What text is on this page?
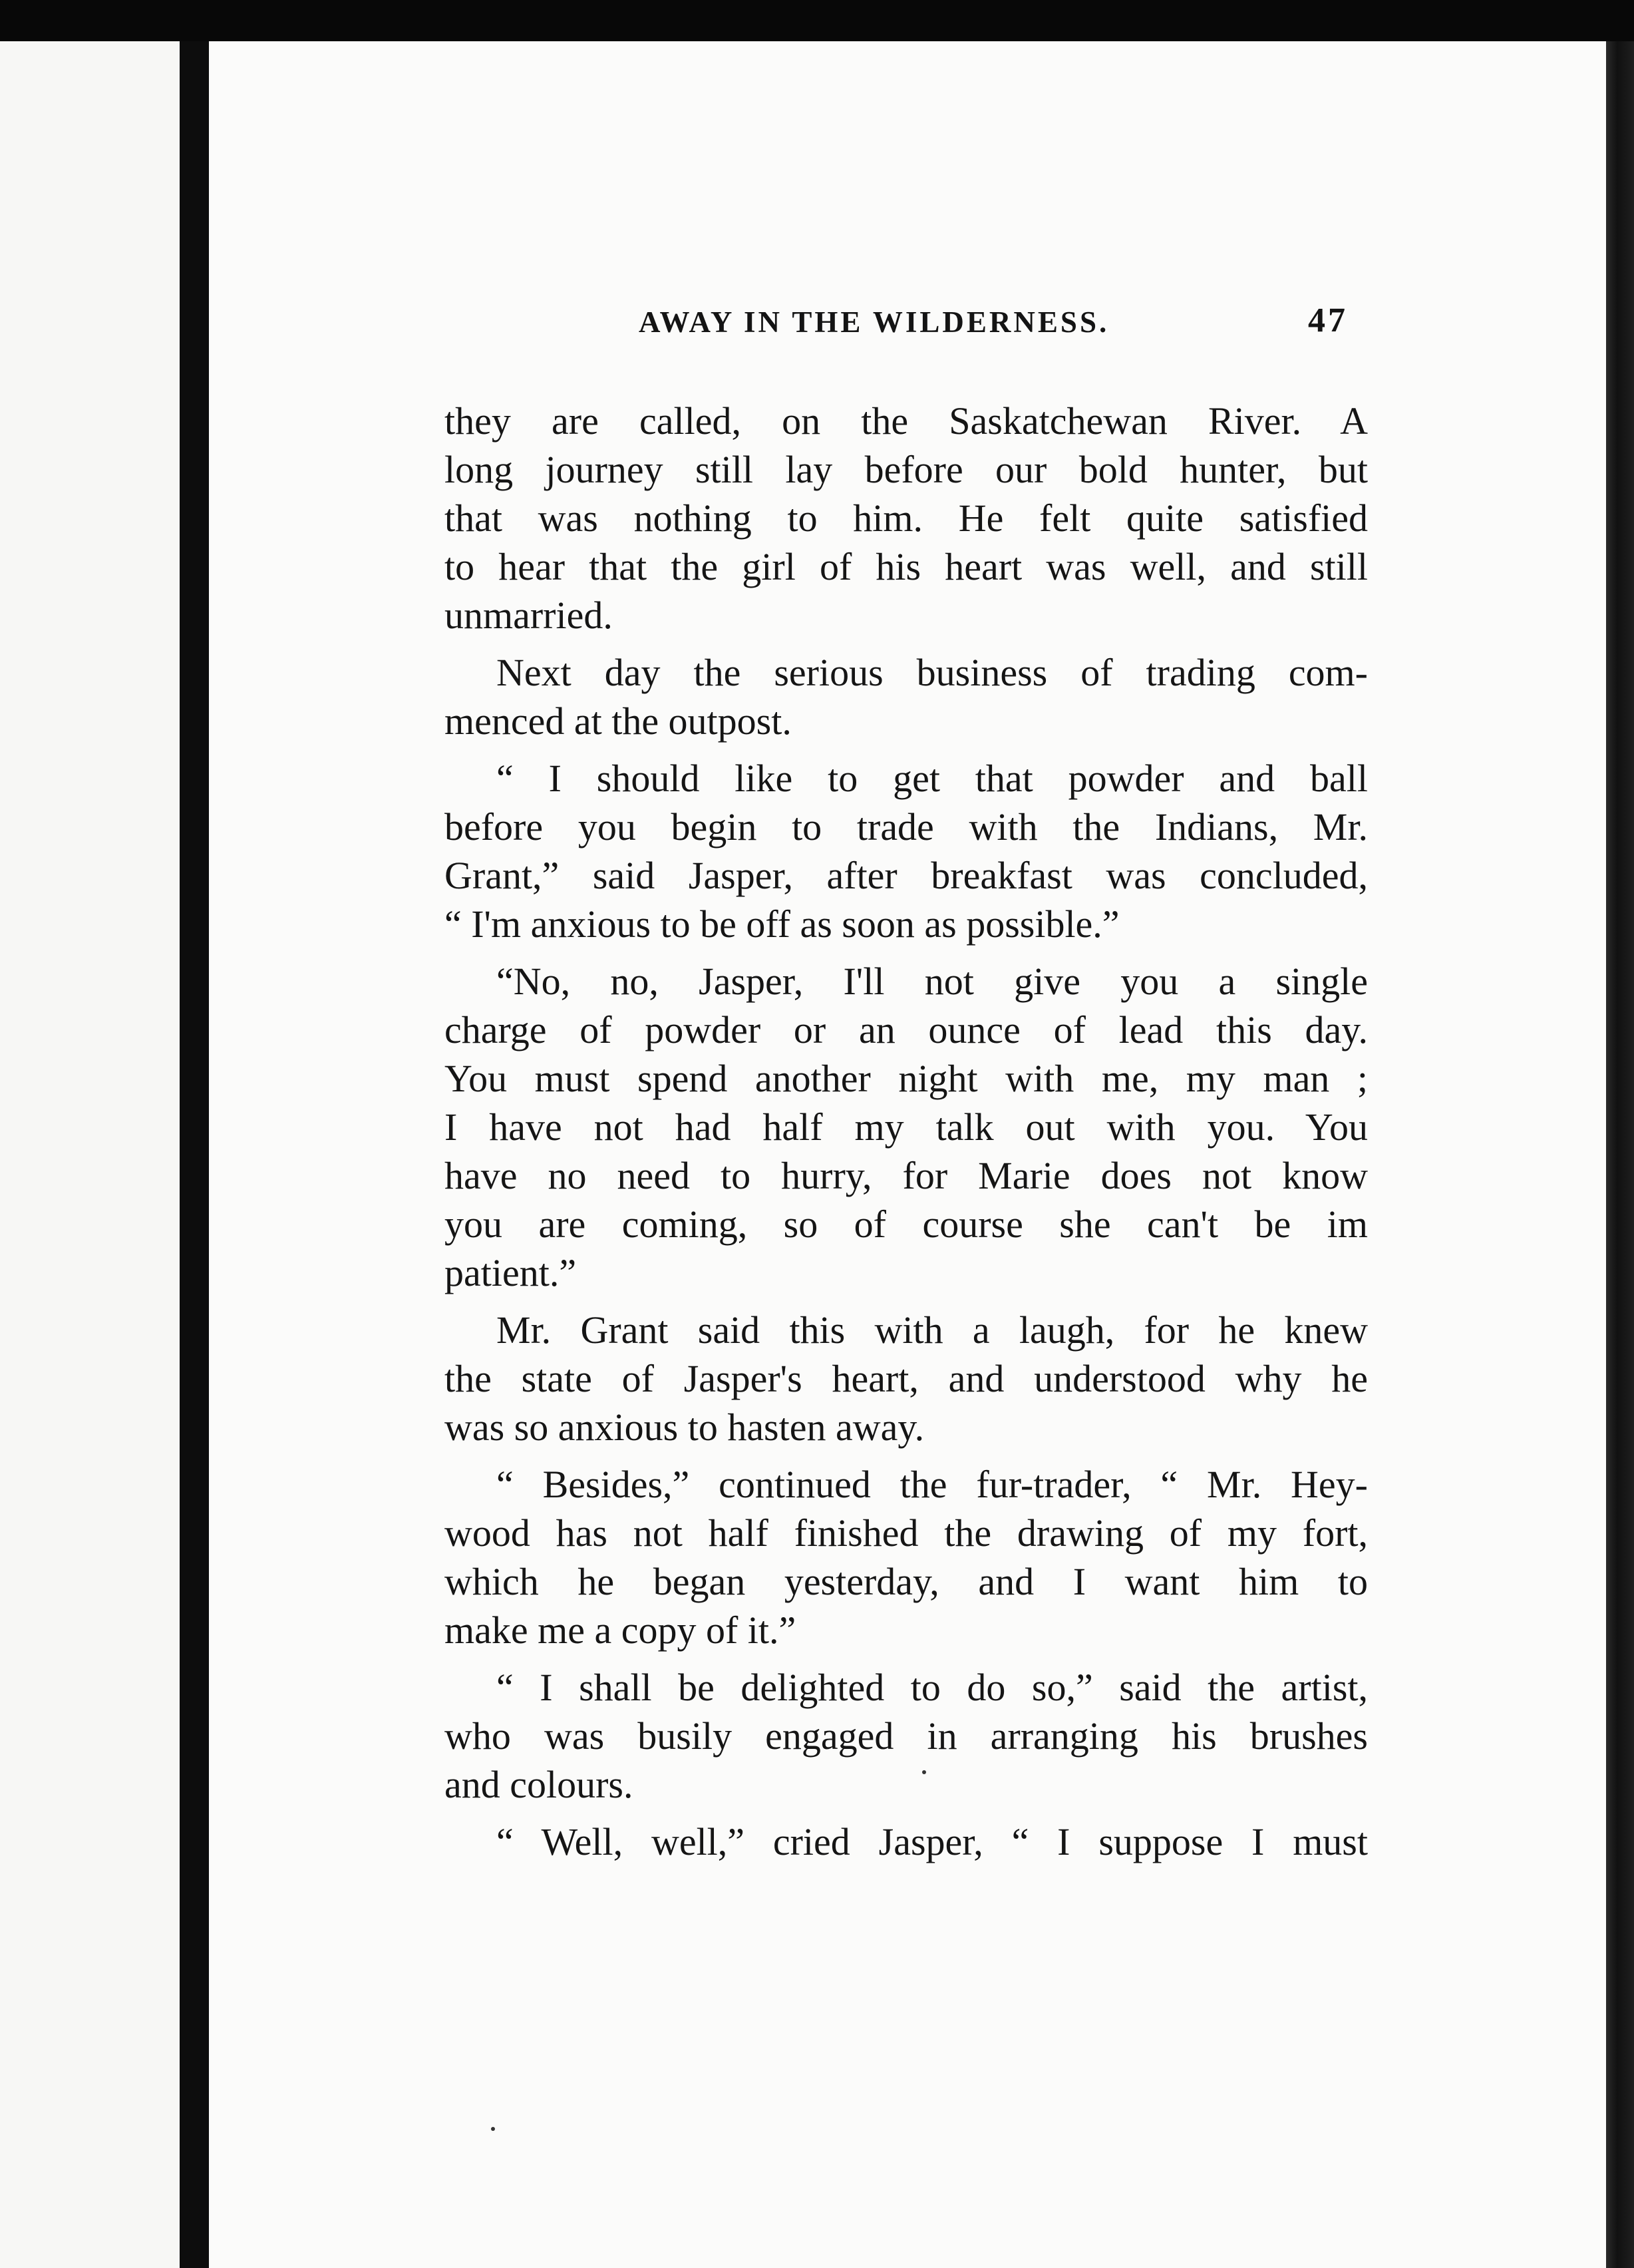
AWAY IN THE WILDERNESS.	47
they are called, on the Saskatchewan River. A
long journey still lay before our bold hunter, but
that was nothing to him. He felt quite satisfied
to hear that the girl of his heart was well, and still
unmarried.
Next day the serious business of trading com-
menced at the outpost.
“ I should like to get that powder and ball
before you begin to trade with the Indians, Mr.
Grant,” said Jasper, after breakfast was concluded,
“ I'm anxious to be off as soon as possible.”
“No, no, Jasper, I'll not give you a single
charge of powder or an ounce of lead this day.
You must spend another night with me, my man ;
I have not had half my talk out with you. You
have no need to hurry, for Marie does not know
you are coming, so of course she can't be im
patient.”
Mr. Grant said this with a laugh, for he knew
the state of Jasper's heart, and understood why he
was so anxious to hasten away.
“ Besides,” continued the fur-trader, “ Mr. Hey-
wood has not half finished the drawing of my fort,
which he began yesterday, and I want him to
make me a copy of it.”
“ I shall be delighted to do so,” said the artist,
who was busily engaged in arranging his brushes
and colours.
“ Well, well,” cried Jasper, “ I suppose I must
